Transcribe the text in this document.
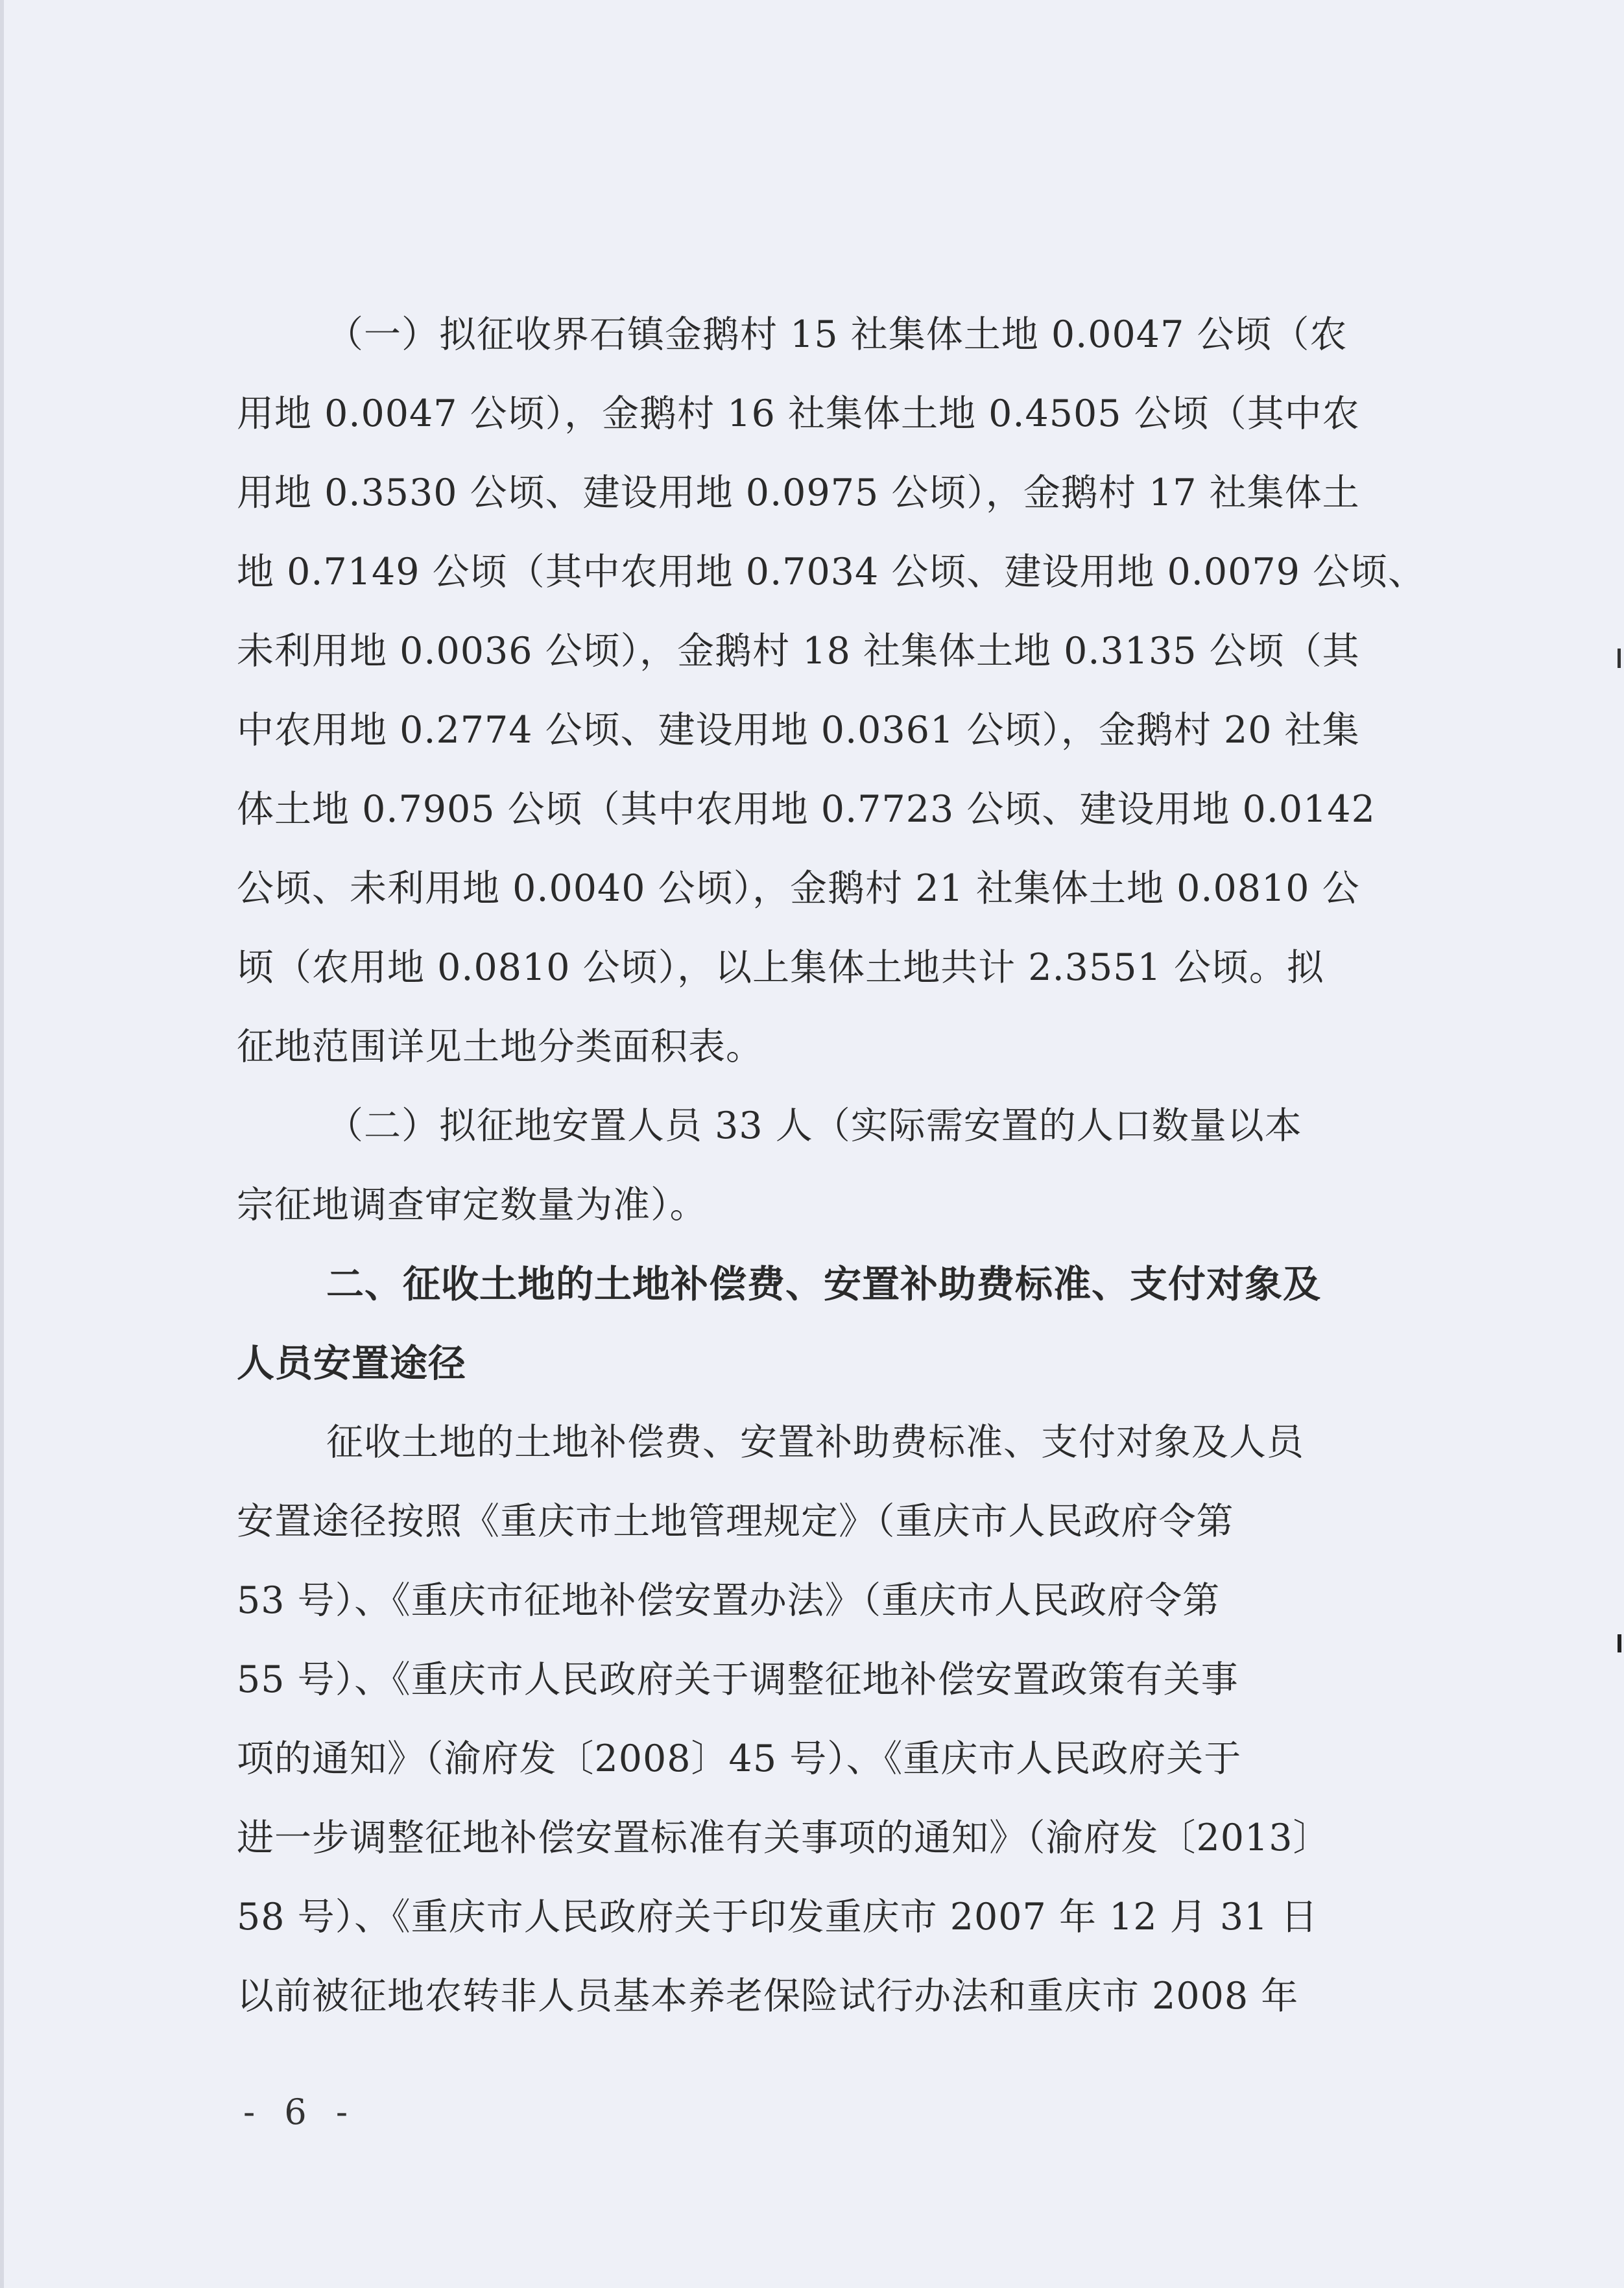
（一）拟征收界石镇金鹅村 15 社集体土地 0.0047 公顷（农
用地 0.0047 公顷），金鹅村 16 社集体土地 0.4505 公顷（其中农
用地 0.3530 公顷、建设用地 0.0975 公顷），金鹅村 17 社集体土
地 0.7149 公顷（其中农用地 0.7034 公顷、建设用地 0.0079 公顷、
未利用地 0.0036 公顷），金鹅村 18 社集体土地 0.3135 公顷（其
中农用地 0.2774 公顷、建设用地 0.0361 公顷），金鹅村 20 社集
体土地 0.7905 公顷（其中农用地 0.7723 公顷、建设用地 0.0142
公顷、未利用地 0.0040 公顷），金鹅村 21 社集体土地 0.0810 公
顷（农用地 0.0810 公顷），以上集体土地共计 2.3551 公顷。拟
征地范围详见土地分类面积表。
（二）拟征地安置人员 33 人（实际需安置的人口数量以本
宗征地调查审定数量为准）。
二、征收土地的土地补偿费、安置补助费标准、支付对象及
人员安置途径
征收土地的土地补偿费、安置补助费标准、支付对象及人员
安置途径按照《重庆市土地管理规定》（重庆市人民政府令第
53 号）、《重庆市征地补偿安置办法》（重庆市人民政府令第
55 号）、《重庆市人民政府关于调整征地补偿安置政策有关事
项的通知》（渝府发〔2008〕45 号）、《重庆市人民政府关于
进一步调整征地补偿安置标准有关事项的通知》（渝府发〔2013〕
58 号）、《重庆市人民政府关于印发重庆市 2007 年 12 月 31 日
以前被征地农转非人员基本养老保险试行办法和重庆市 2008 年
- 6 -
